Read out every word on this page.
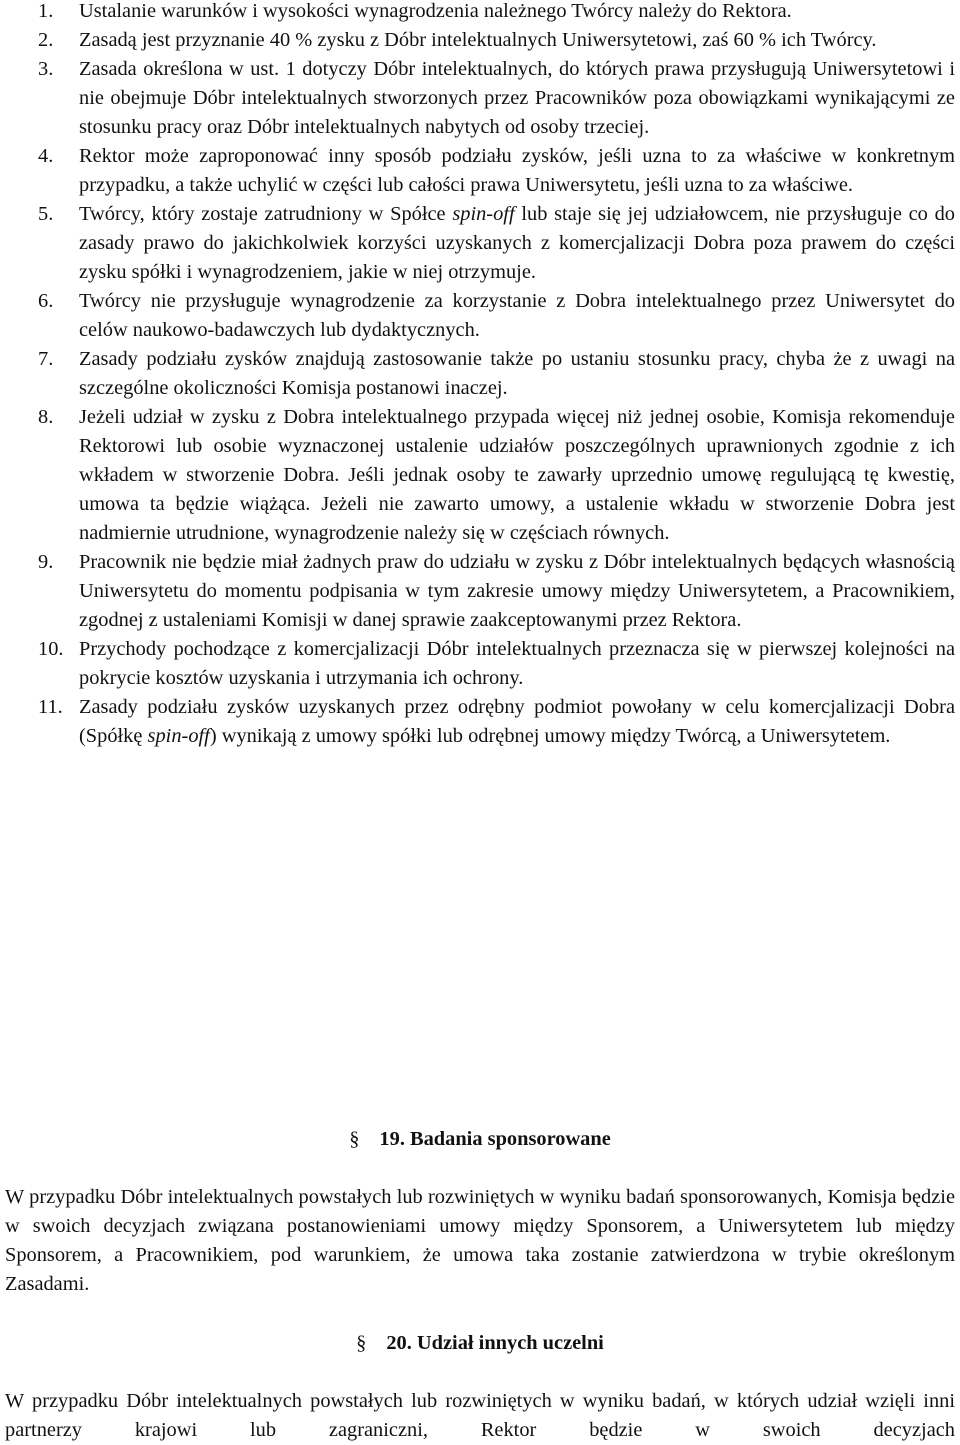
1. Ustalanie warunków i wysokości wynagrodzenia należnego Twórcy należy do Rektora.
2. Zasadą jest przyznanie 40 % zysku z Dóbr intelektualnych Uniwersytetowi, zaś 60 % ich Twórcy.
3. Zasada określona w ust. 1 dotyczy Dóbr intelektualnych, do których prawa przysługują Uniwersytetowi i nie obejmuje Dóbr intelektualnych stworzonych przez Pracowników poza obowiązkami wynikającymi ze stosunku pracy oraz Dóbr intelektualnych nabytych od osoby trzeciej.
4. Rektor może zaproponować inny sposób podziału zysków, jeśli uzna to za właściwe w konkretnym przypadku, a także uchylić w części lub całości prawa Uniwersytetu, jeśli uzna to za właściwe.
5. Twórcy, który zostaje zatrudniony w Spółce spin-off lub staje się jej udziałowcem, nie przysługuje co do zasady prawo do jakichkolwiek korzyści uzyskanych z komercjalizacji Dobra poza prawem do części zysku spółki i wynagrodzeniem, jakie w niej otrzymuje.
6. Twórcy nie przysługuje wynagrodzenie za korzystanie z Dobra intelektualnego przez Uniwersytet do celów naukowo-badawczych lub dydaktycznych.
7. Zasady podziału zysków znajdują zastosowanie także po ustaniu stosunku pracy, chyba że z uwagi na szczególne okoliczności Komisja postanowi inaczej.
8. Jeżeli udział w zysku z Dobra intelektualnego przypada więcej niż jednej osobie, Komisja rekomenduje Rektorowi lub osobie wyznaczonej ustalenie udziałów poszczególnych uprawnionych zgodnie z ich wkładem w stworzenie Dobra. Jeśli jednak osoby te zawarły uprzednio umowę regulującą tę kwestię, umowa ta będzie wiążąca. Jeżeli nie zawarto umowy, a ustalenie wkładu w stworzenie Dobra jest nadmiernie utrudnione, wynagrodzenie należy się w częściach równych.
9. Pracownik nie będzie miał żadnych praw do udziału w zysku z Dóbr intelektualnych będących własnością Uniwersytetu do momentu podpisania w tym zakresie umowy między Uniwersytetem, a Pracownikiem, zgodnej z ustaleniami Komisji w danej sprawie zaakceptowanymi przez Rektora.
10. Przychody pochodzące z komercjalizacji Dóbr intelektualnych przeznacza się w pierwszej kolejności na pokrycie kosztów uzyskania i utrzymania ich ochrony.
11. Zasady podziału zysków uzyskanych przez odrębny podmiot powołany w celu komercjalizacji Dobra (Spółkę spin-off) wynikają z umowy spółki lub odrębnej umowy między Twórcą, a Uniwersytetem.
§ 19. Badania sponsorowane

W przypadku Dóbr intelektualnych powstałych lub rozwiniętych w wyniku badań sponsorowanych, Komisja będzie w swoich decyzjach związana postanowieniami umowy między Sponsorem, a Uniwersytetem lub między Sponsorem, a Pracownikiem, pod warunkiem, że umowa taka zostanie zatwierdzona w trybie określonym Zasadami.

§ 20. Udział innych uczelni

W przypadku Dóbr intelektualnych powstałych lub rozwiniętych w wyniku badań, w których udział wzięli inni partnerzy krajowi lub zagraniczni, Rektor będzie w swoich decyzjach
